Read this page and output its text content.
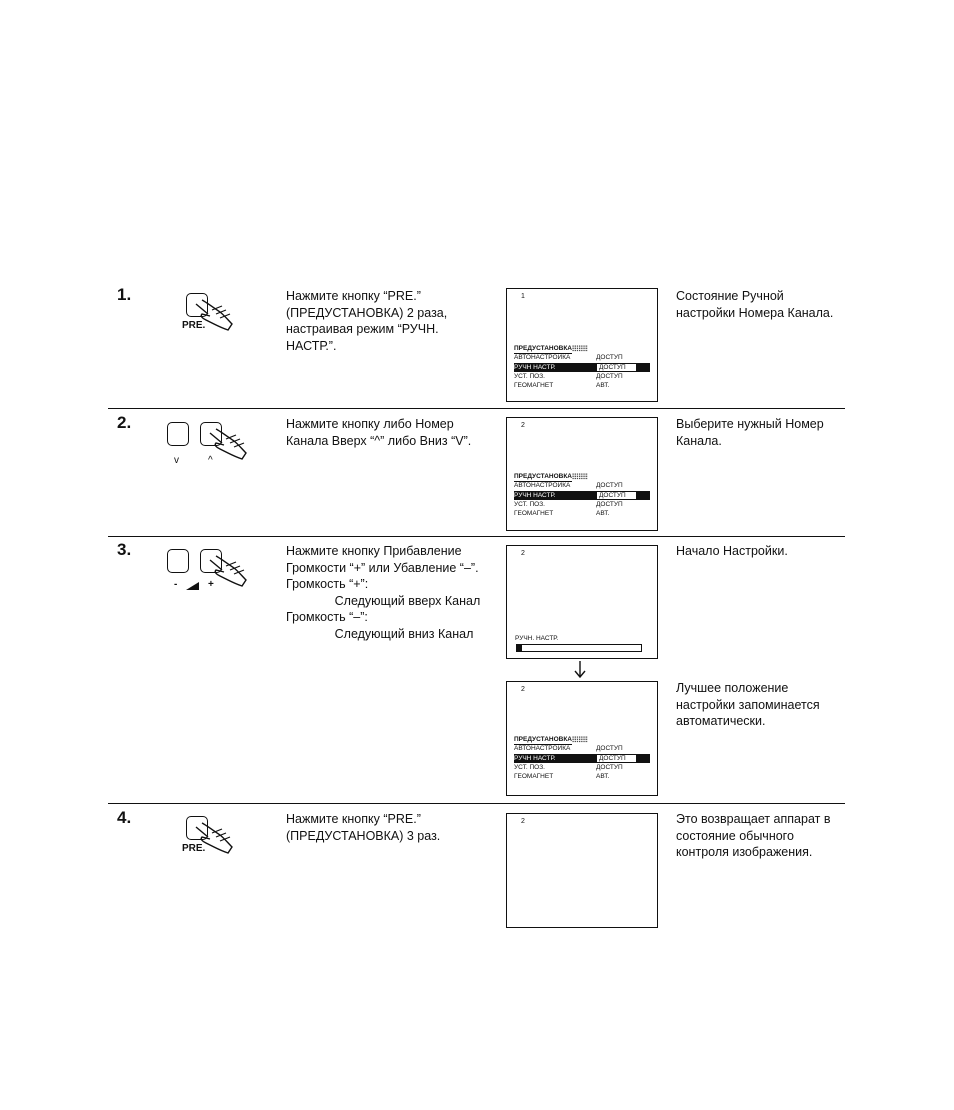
1.
PRE.
Нажмите кнопку “PRE.”
(ПРЕДУСТАНОВКА) 2 раза,
настраивая режим “РУЧН.
НАСТР.”.
1
ПРЕДУСТАНОВКА
АВТОНАСТРОЙКА	ДОСТУП
РУЧН НАСТР.	ДОСТУП
УСТ. ПОЗ.	ДОСТУП
ГЕОМАГНЕТ	АВТ.
Состояние Ручной настройки Номера Канала.
2.
v	^
Нажмите кнопку либо Номер
Канала Вверх “^” либо Вниз “V”.
2
ПРЕДУСТАНОВКА
АВТОНАСТРОЙКА	ДОСТУП
РУЧН НАСТР.	ДОСТУП
УСТ. ПОЗ.	ДОСТУП
ГЕОМАГНЕТ	АВТ.
Выберите нужный Номер Канала.
3.
-	+
Нажмите кнопку Прибавление
Громкости “+” или Убавление “–”.
Громкость “+”:
Следующий вверх Канал
Громкость “–”:
Следующий вниз Канал
2
РУЧН. НАСТР.
Начало Настройки.
2
ПРЕДУСТАНОВКА
АВТОНАСТРОЙКА	ДОСТУП
РУЧН НАСТР.	ДОСТУП
УСТ. ПОЗ.	ДОСТУП
ГЕОМАГНЕТ	АВТ.
Лучшее положение настройки запоминается автоматически.
4.
PRE.
Нажмите кнопку “PRE.”
(ПРЕДУСТАНОВКА) 3 раз.
2	Это возвращает аппарат в состояние обычного контроля изображения.
